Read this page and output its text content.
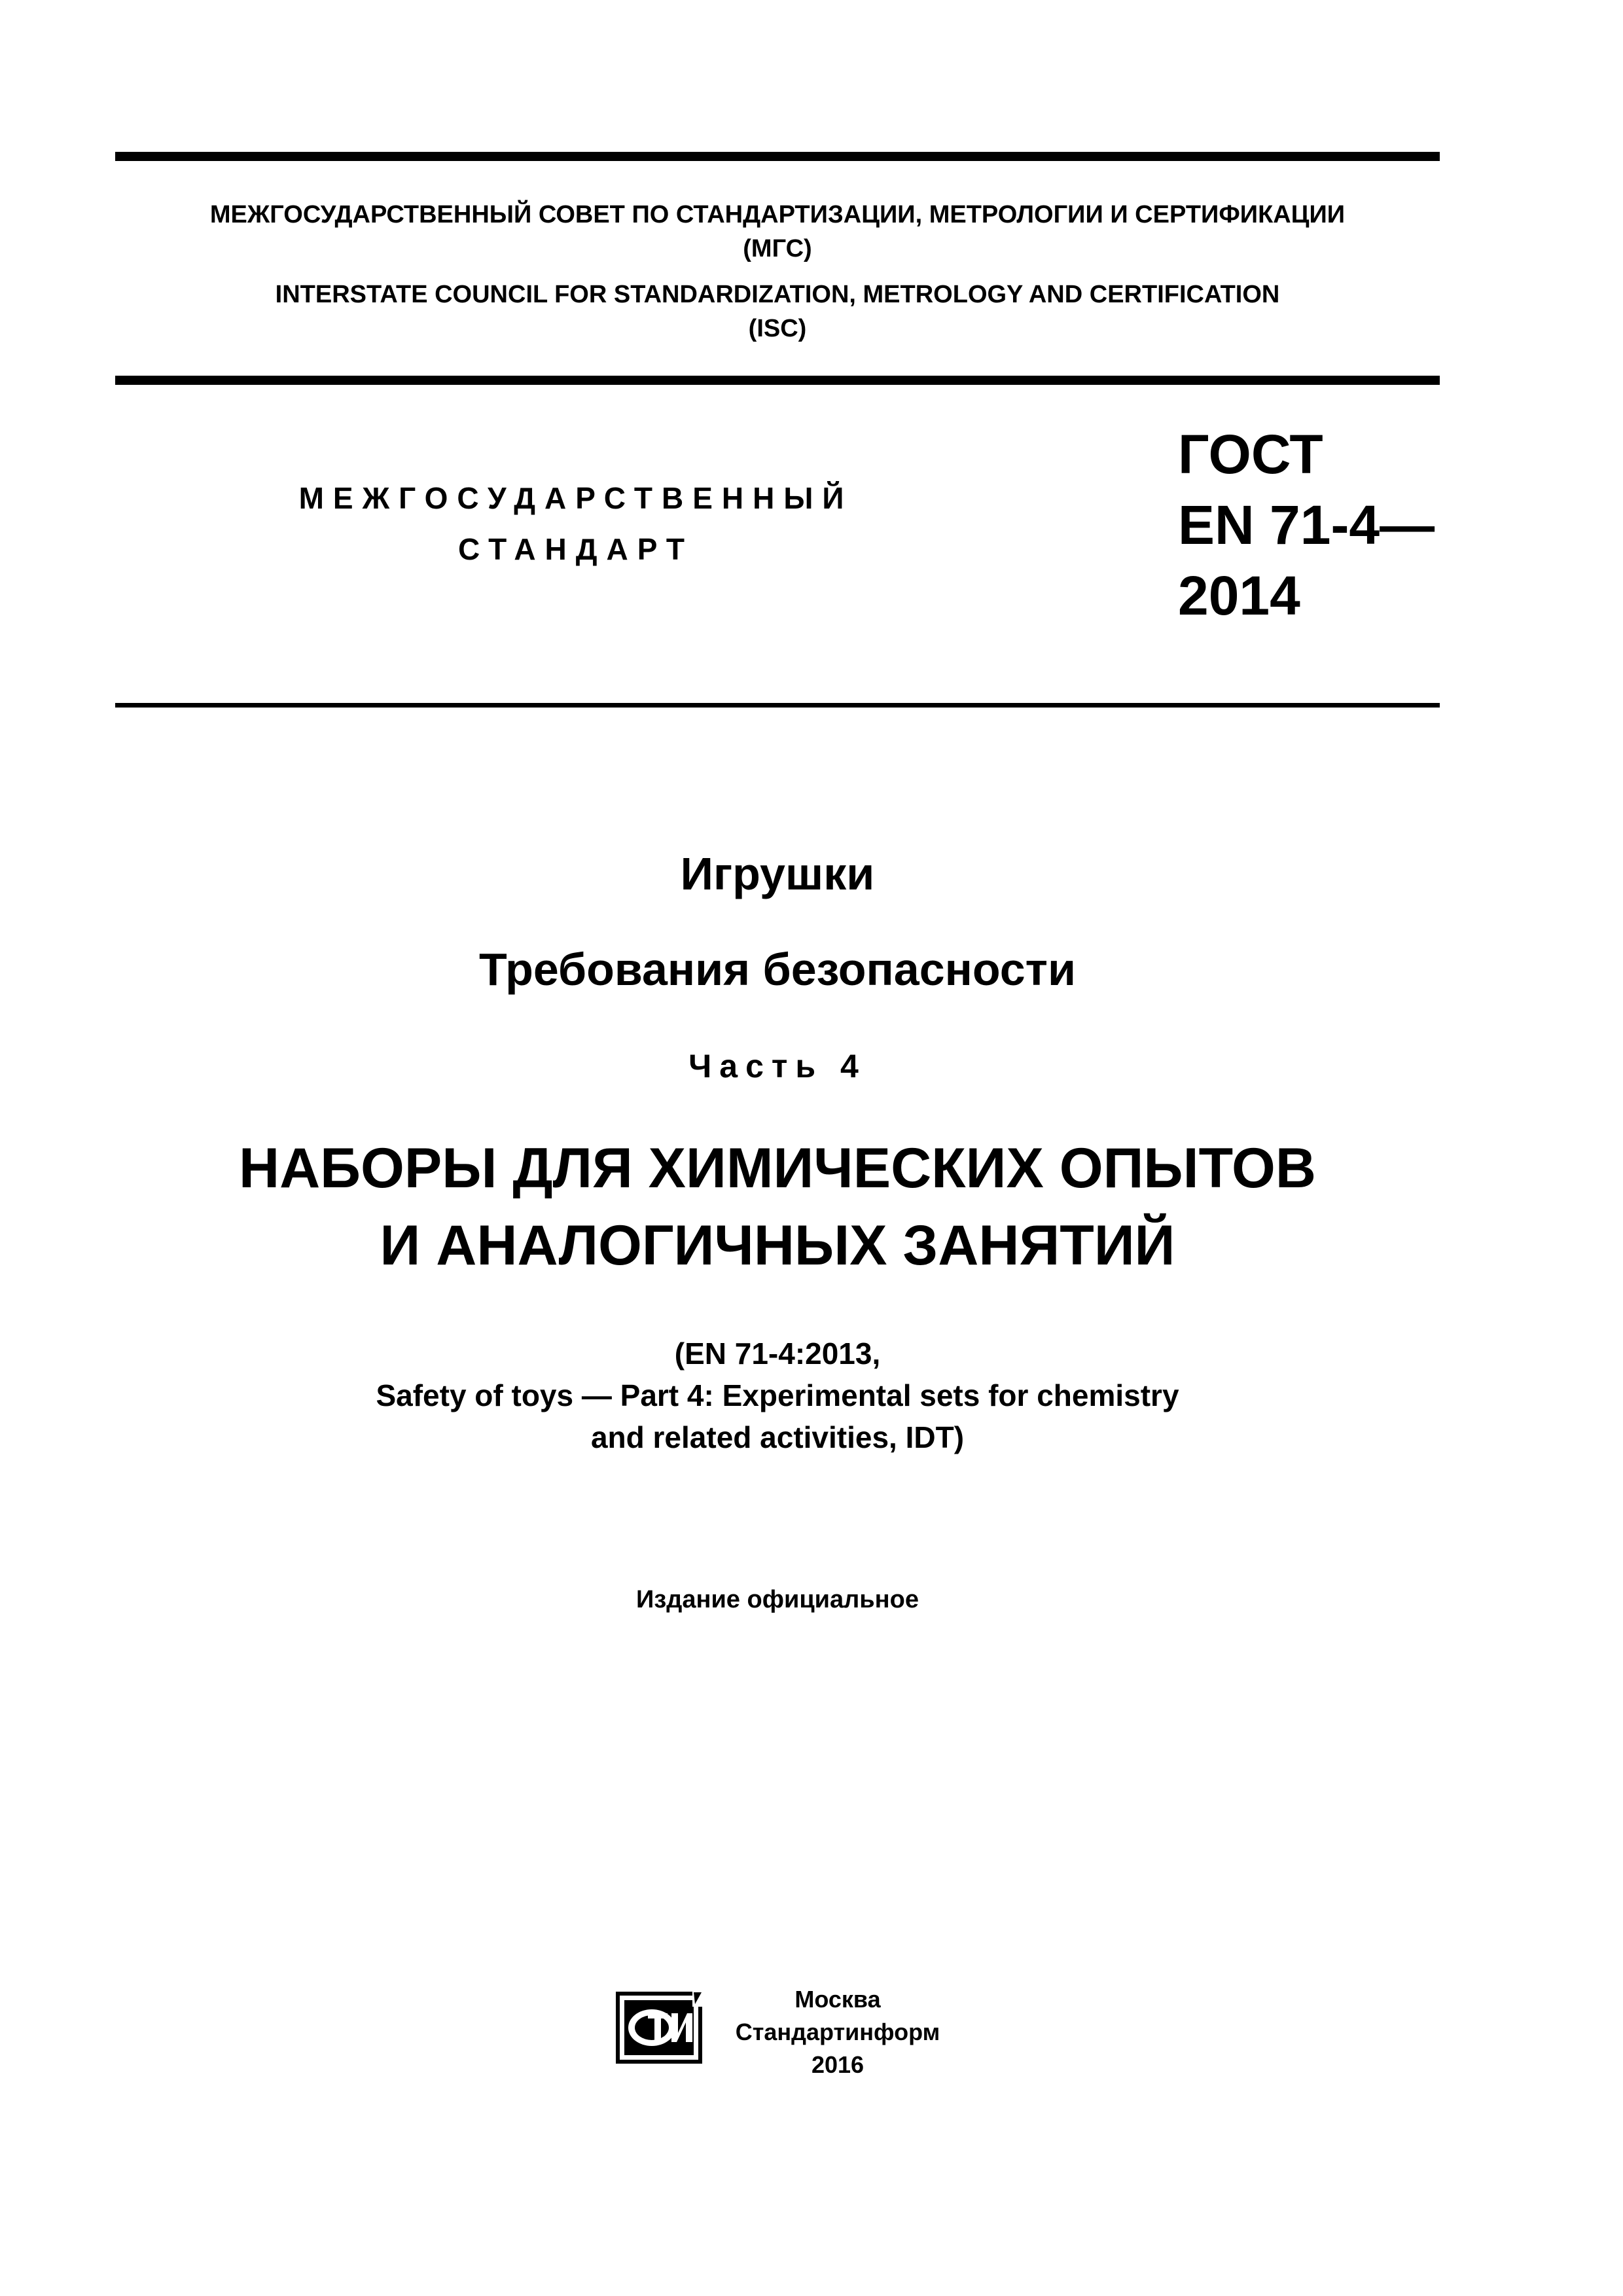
МЕЖГОСУДАРСТВЕННЫЙ СОВЕТ ПО СТАНДАРТИЗАЦИИ, МЕТРОЛОГИИ И СЕРТИФИКАЦИИ
(МГС)
INTERSTATE COUNCIL FOR STANDARDIZATION, METROLOGY AND CERTIFICATION
(ISC)
МЕЖГОСУДАРСТВЕННЫЙ
СТАНДАРТ
ГОСТ
EN 71-4—
2014
Игрушки
Требования безопасности
Часть 4
НАБОРЫ ДЛЯ ХИМИЧЕСКИХ ОПЫТОВ
И АНАЛОГИЧНЫХ ЗАНЯТИЙ
(EN 71-4:2013,
Safety of toys — Part 4: Experimental sets for chemistry
and related activities, IDT)
Издание официальное
Москва
Стандартинформ
2016
